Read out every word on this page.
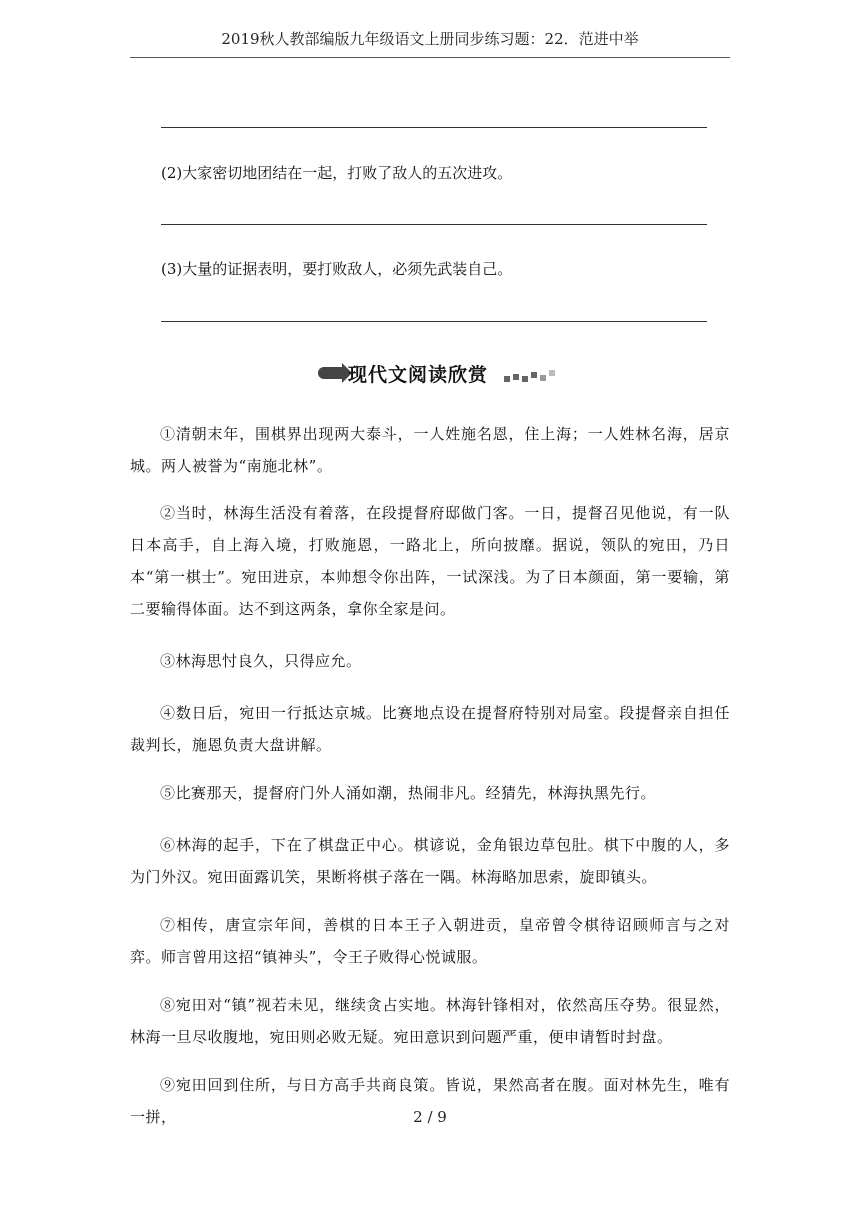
2019秋人教部编版九年级语文上册同步练习题：22．范进中举
(2)大家密切地团结在一起，打败了敌人的五次进攻。
(3)大量的证据表明，要打败敌人，必须先武装自己。
现代文阅读欣赏
①清朝末年，围棋界出现两大泰斗，一人姓施名恩，住上海；一人姓林名海，居京城。两人被誉为“南施北林”。
②当时，林海生活没有着落，在段提督府邸做门客。一日，提督召见他说，有一队日本高手，自上海入境，打败施恩，一路北上，所向披靡。据说，领队的宛田，乃日本“第一棋士”。宛田进京，本帅想令你出阵，一试深浅。为了日本颜面，第一要输，第二要输得体面。达不到这两条，拿你全家是问。
③林海思忖良久，只得应允。
④数日后，宛田一行抵达京城。比赛地点设在提督府特别对局室。段提督亲自担任裁判长，施恩负责大盘讲解。
⑤比赛那天，提督府门外人涌如潮，热闹非凡。经猜先，林海执黑先行。
⑥林海的起手，下在了棋盘正中心。棋谚说，金角银边草包肚。棋下中腹的人，多为门外汉。宛田面露讥笑，果断将棋子落在一隅。林海略加思索，旋即镇头。
⑦相传，唐宣宗年间，善棋的日本王子入朝进贡，皇帝曾令棋待诏顾师言与之对弈。师言曾用这招“镇神头”，令王子败得心悦诚服。
⑧宛田对“镇”视若未见，继续贪占实地。林海针锋相对，依然高压夺势。很显然，林海一旦尽收腹地，宛田则必败无疑。宛田意识到问题严重，便申请暂时封盘。
⑨宛田回到住所，与日方高手共商良策。皆说，果然高者在腹。面对林先生，唯有一拼，	2 / 9
